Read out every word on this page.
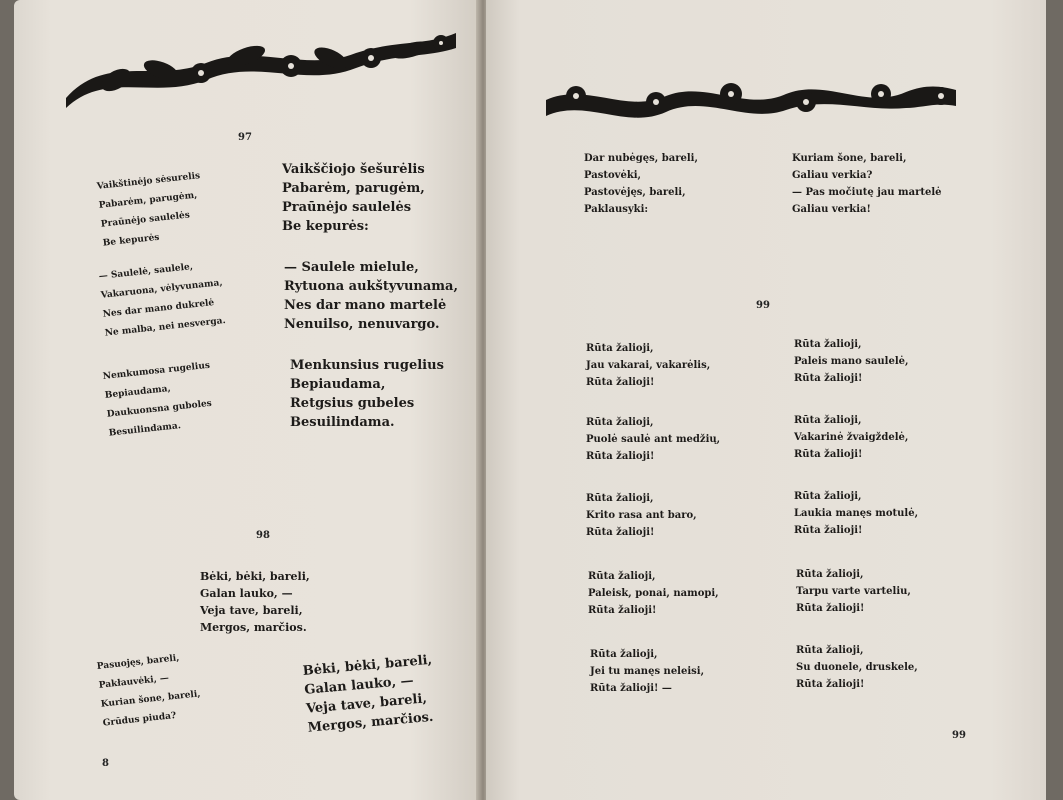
97
Vaikštinėjo sėsurelis
Pabarėm, parugėm,
Praūnėjo saulelės
Be kepurės
— Saulelė, saulele,
Vakaruona, vėlyvunama,
Nes dar mano dukrelė
Ne malba, nei nesverga.
Nemkumosa rugelius
Bepiaudama,
Daukuonsna guboles
Besuilindama.
Vaikščiojo šešurėlis
Pabarėm, parugėm,
Praūnėjo saulelės
Be kepurės:
— Saulele mielule,
Rytuona aukštyvunama,
Nes dar mano martelė
Nenuilso, nenuvargo.
Menkunsius rugelius
Bepiaudama,
Retgsius gubeles
Besuilindama.
98
Bėki, bėki, bareli,
Galan lauko, —
Veja tave, bareli,
Mergos, marčios.
Pasuojęs, bareli,
Pakłauvėki, —
Kurian šone, bareli,
Grūdus piuda?
Bėki, bėki, bareli,
Galan lauko, —
Veja tave, bareli,
Mergos, marčios.
8
Dar nubėgęs, bareli,
Pastovėki,
Pastovėjęs, bareli,
Paklausyki:
Kuriam šone, bareli,
Galiau verkia?
— Pas močiutę jau martelė
Galiau verkia!
99
Rūta žalioji,
Jau vakarai, vakarėlis,
Rūta žalioji!
Rūta žalioji,
Puolė saulė ant medžių,
Rūta žalioji!
Rūta žalioji,
Krito rasa ant baro,
Rūta žalioji!
Rūta žalioji,
Paleisk, ponai, namopi,
Rūta žalioji!
Rūta žalioji,
Jei tu manęs neleisi,
Rūta žalioji! —
Rūta žalioji,
Paleis mano saulelė,
Rūta žalioji!
Rūta žalioji,
Vakarinė žvaigždelė,
Rūta žalioji!
Rūta žalioji,
Laukia manęs motulė,
Rūta žalioji!
Rūta žalioji,
Tarpu varte varteliu,
Rūta žalioji!
Rūta žalioji,
Su duonele, druskele,
Rūta žalioji!
99
